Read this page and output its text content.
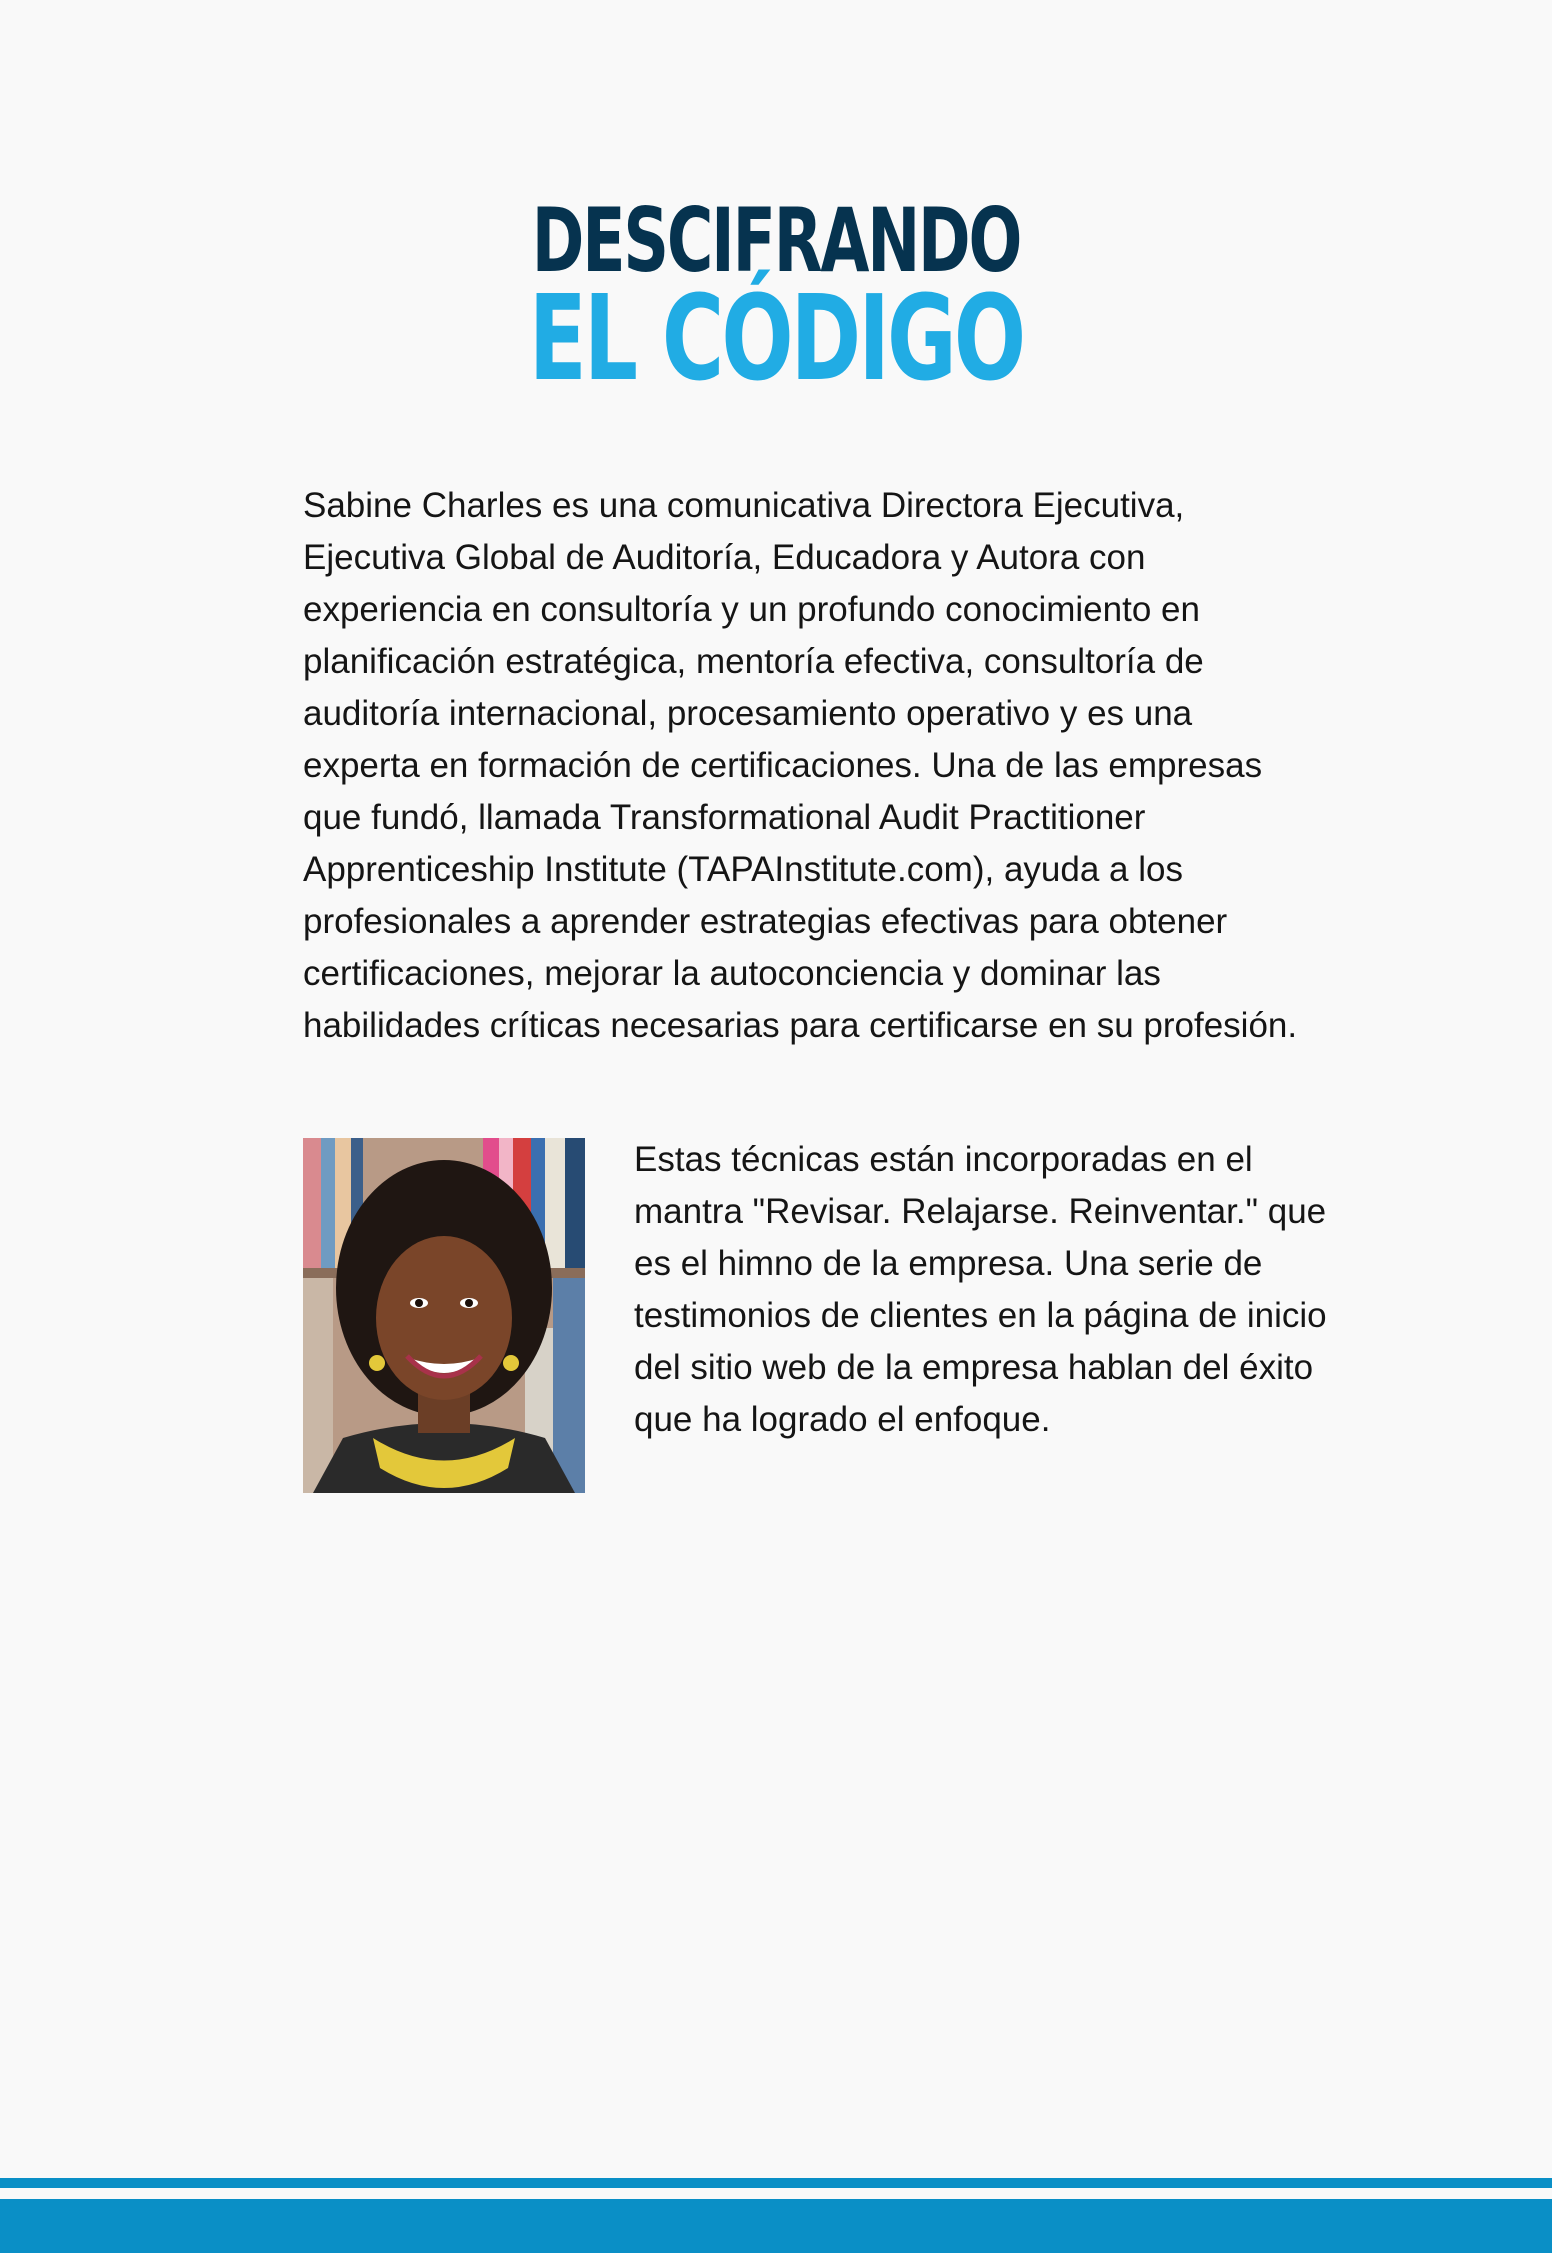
DESCIFRANDO
EL CÓDIGO

Sabine Charles es una comunicativa Directora Ejecutiva, Ejecutiva Global de Auditoría, Educadora y Autora con experiencia en consultoría y un profundo conocimiento en planificación estratégica, mentoría efectiva, consultoría de auditoría internacional, procesamiento operativo y es una experta en formación de certificaciones. Una de las empresas que fundó, llamada Transformational Audit Practitioner Apprenticeship Institute (TAPAInstitute.com), ayuda a los profesionales a aprender estrategias efectivas para obtener certificaciones, mejorar la autoconciencia y dominar las habilidades críticas necesarias para certificarse en su profesión.

Estas técnicas están incorporadas en el mantra "Revisar. Relajarse. Reinventar." que es el himno de la empresa. Una serie de testimonios de clientes en la página de inicio del sitio web de la empresa hablan del éxito que ha logrado el enfoque.
